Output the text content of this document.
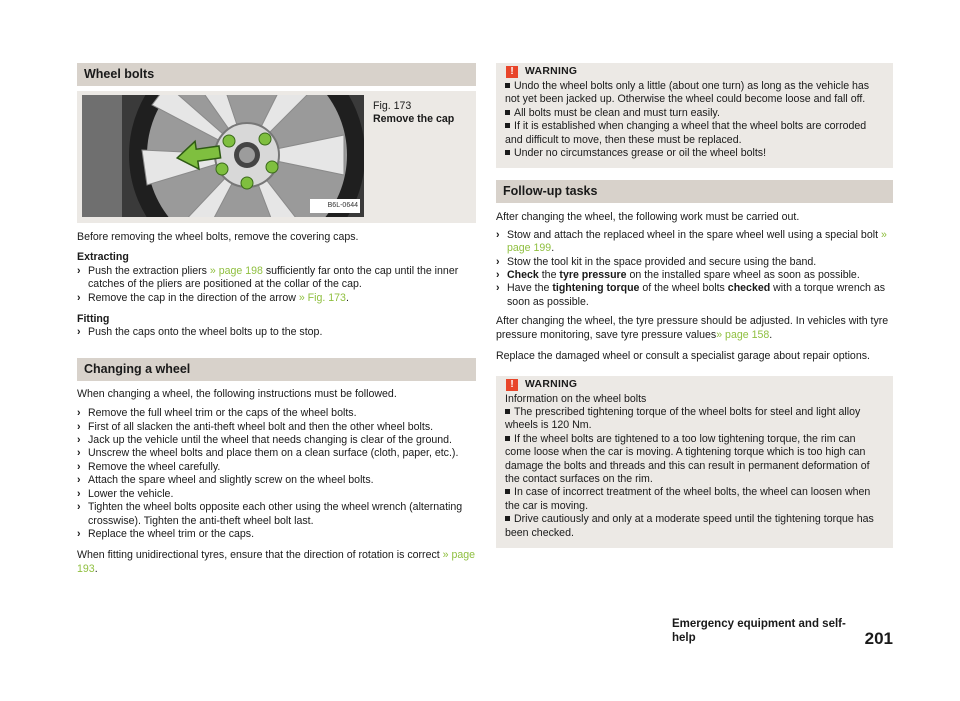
Wheel bolts
B6L-0644
Fig. 173
Remove the cap

Before removing the wheel bolts, remove the covering caps.

Extracting

› Push the extraction pliers » page 198 sufficiently far onto the cap until the inner catches of the pliers are positioned at the collar of the cap.
› Remove the cap in the direction of the arrow » Fig. 173.

Fitting

› Push the caps onto the wheel bolts up to the stop.
Changing a wheel

When changing a wheel, the following instructions must be followed.

› Remove the full wheel trim or the caps of the wheel bolts.
› First of all slacken the anti-theft wheel bolt and then the other wheel bolts.
› Jack up the vehicle until the wheel that needs changing is clear of the ground.
› Unscrew the wheel bolts and place them on a clean surface (cloth, paper, etc.).
› Remove the wheel carefully.
› Attach the spare wheel and slightly screw on the wheel bolts.
› Lower the vehicle.
› Tighten the wheel bolts opposite each other using the wheel wrench (alternating crosswise). Tighten the anti-theft wheel bolt last.
› Replace the wheel trim or the caps.

When fitting unidirectional tyres, ensure that the direction of rotation is correct » page 193.

!	WARNING
Undo the wheel bolts only a little (about one turn) as long as the vehicle has not yet been jacked up. Otherwise the wheel could become loose and fall off.
All bolts must be clean and must turn easily.
If it is established when changing a wheel that the wheel bolts are corroded and difficult to move, then these must be replaced.
Under no circumstances grease or oil the wheel bolts!
Follow-up tasks

After changing the wheel, the following work must be carried out.

› Stow and attach the replaced wheel in the spare wheel well using a special bolt » page 199.
› Stow the tool kit in the space provided and secure using the band.
› Check the tyre pressure on the installed spare wheel as soon as possible.
› Have the tightening torque of the wheel bolts checked with a torque wrench as soon as possible.

After changing the wheel, the tyre pressure should be adjusted. In vehicles with tyre pressure monitoring, save tyre pressure values» page 158.

Replace the damaged wheel or consult a specialist garage about repair options.

!	WARNING

Information on the wheel bolts

The prescribed tightening torque of the wheel bolts for steel and light alloy wheels is 120 Nm.
If the wheel bolts are tightened to a too low tightening torque, the rim can come loose when the car is moving. A tightening torque which is too high can damage the bolts and threads and this can result in permanent deformation of the contact surfaces on the rim.
In case of incorrect treatment of the wheel bolts, the wheel can loosen when the car is moving.
Drive cautiously and only at a moderate speed until the tightening torque has been checked.
Emergency equipment and self-help	201
